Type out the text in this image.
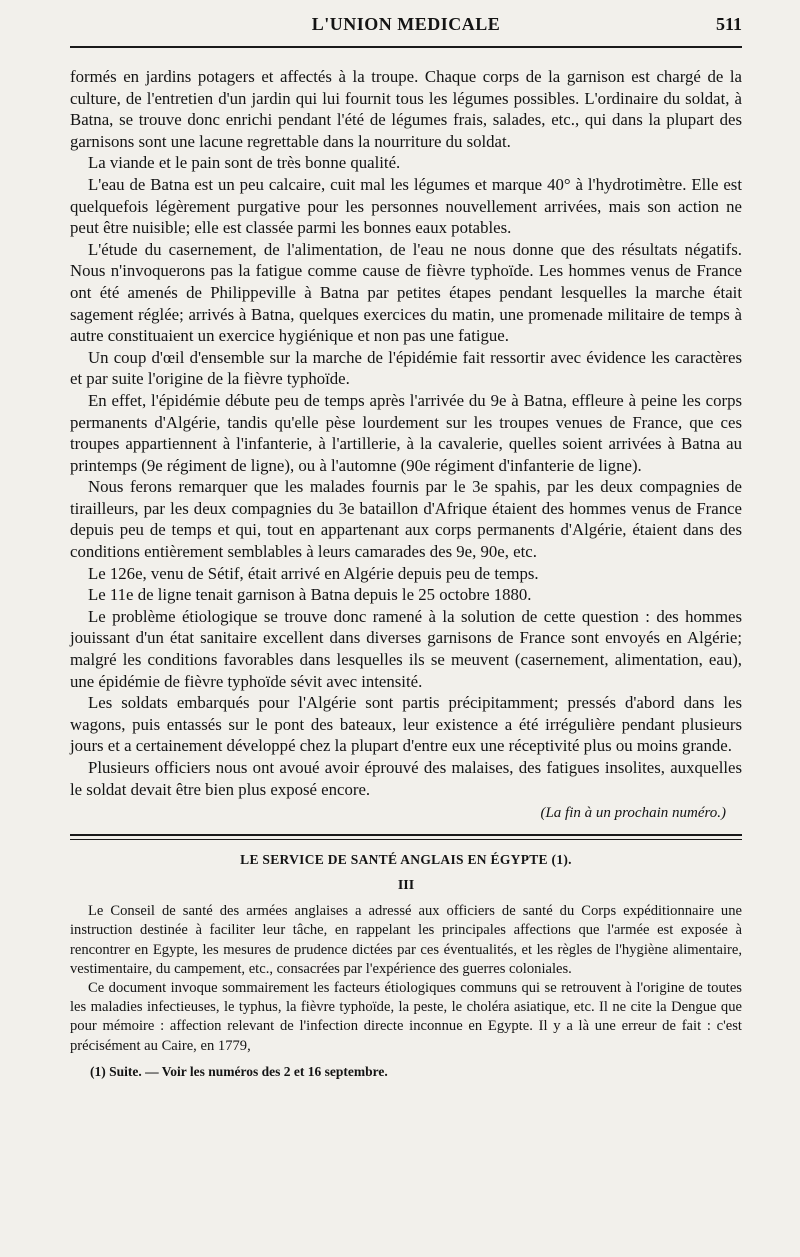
L'UNION MEDICALE	511

formés en jardins potagers et affectés à la troupe. Chaque corps de la garnison est chargé de la culture, de l'entretien d'un jardin qui lui fournit tous les légumes possibles. L'ordinaire du soldat, à Batna, se trouve donc enrichi pendant l'été de légumes frais, salades, etc., qui dans la plupart des garnisons sont une lacune regrettable dans la nourriture du soldat.

La viande et le pain sont de très bonne qualité.

L'eau de Batna est un peu calcaire, cuit mal les légumes et marque 40° à l'hydrotimètre. Elle est quelquefois légèrement purgative pour les personnes nouvellement arrivées, mais son action ne peut être nuisible; elle est classée parmi les bonnes eaux potables.

L'étude du casernement, de l'alimentation, de l'eau ne nous donne que des résultats négatifs. Nous n'invoquerons pas la fatigue comme cause de fièvre typhoïde. Les hommes venus de France ont été amenés de Philippeville à Batna par petites étapes pendant lesquelles la marche était sagement réglée; arrivés à Batna, quelques exercices du matin, une promenade militaire de temps à autre constituaient un exercice hygiénique et non pas une fatigue.

Un coup d'œil d'ensemble sur la marche de l'épidémie fait ressortir avec évidence les caractères et par suite l'origine de la fièvre typhoïde.

En effet, l'épidémie débute peu de temps après l'arrivée du 9e à Batna, effleure à peine les corps permanents d'Algérie, tandis qu'elle pèse lourdement sur les troupes venues de France, que ces troupes appartiennent à l'infanterie, à l'artillerie, à la cavalerie, quelles soient arrivées à Batna au printemps (9e régiment de ligne), ou à l'automne (90e régiment d'infanterie de ligne).

Nous ferons remarquer que les malades fournis par le 3e spahis, par les deux compagnies de tirailleurs, par les deux compagnies du 3e bataillon d'Afrique étaient des hommes venus de France depuis peu de temps et qui, tout en appartenant aux corps permanents d'Algérie, étaient dans des conditions entièrement semblables à leurs camarades des 9e, 90e, etc.

Le 126e, venu de Sétif, était arrivé en Algérie depuis peu de temps.

Le 11e de ligne tenait garnison à Batna depuis le 25 octobre 1880.

Le problème étiologique se trouve donc ramené à la solution de cette question : des hommes jouissant d'un état sanitaire excellent dans diverses garnisons de France sont envoyés en Algérie; malgré les conditions favorables dans lesquelles ils se meuvent (casernement, alimentation, eau), une épidémie de fièvre typhoïde sévit avec intensité.

Les soldats embarqués pour l'Algérie sont partis précipitamment; pressés d'abord dans les wagons, puis entassés sur le pont des bateaux, leur existence a été irrégulière pendant plusieurs jours et a certainement développé chez la plupart d'entre eux une réceptivité plus ou moins grande.

Plusieurs officiers nous ont avoué avoir éprouvé des malaises, des fatigues insolites, auxquelles le soldat devait être bien plus exposé encore.

(La fin à un prochain numéro.)
LE SERVICE DE SANTÉ ANGLAIS EN ÉGYPTE (1).
III

Le Conseil de santé des armées anglaises a adressé aux officiers de santé du Corps expéditionnaire une instruction destinée à faciliter leur tâche, en rappelant les principales affections que l'armée est exposée à rencontrer en Egypte, les mesures de prudence dictées par ces éventualités, et les règles de l'hygiène alimentaire, vestimentaire, du campement, etc., consacrées par l'expérience des guerres coloniales.

Ce document invoque sommairement les facteurs étiologiques communs qui se retrouvent à l'origine de toutes les maladies infectieuses, le typhus, la fièvre typhoïde, la peste, le choléra asiatique, etc. Il ne cite la Dengue que pour mémoire : affection relevant de l'infection directe inconnue en Egypte. Il y a là une erreur de fait : c'est précisément au Caire, en 1779,

(1) Suite. — Voir les numéros des 2 et 16 septembre.
